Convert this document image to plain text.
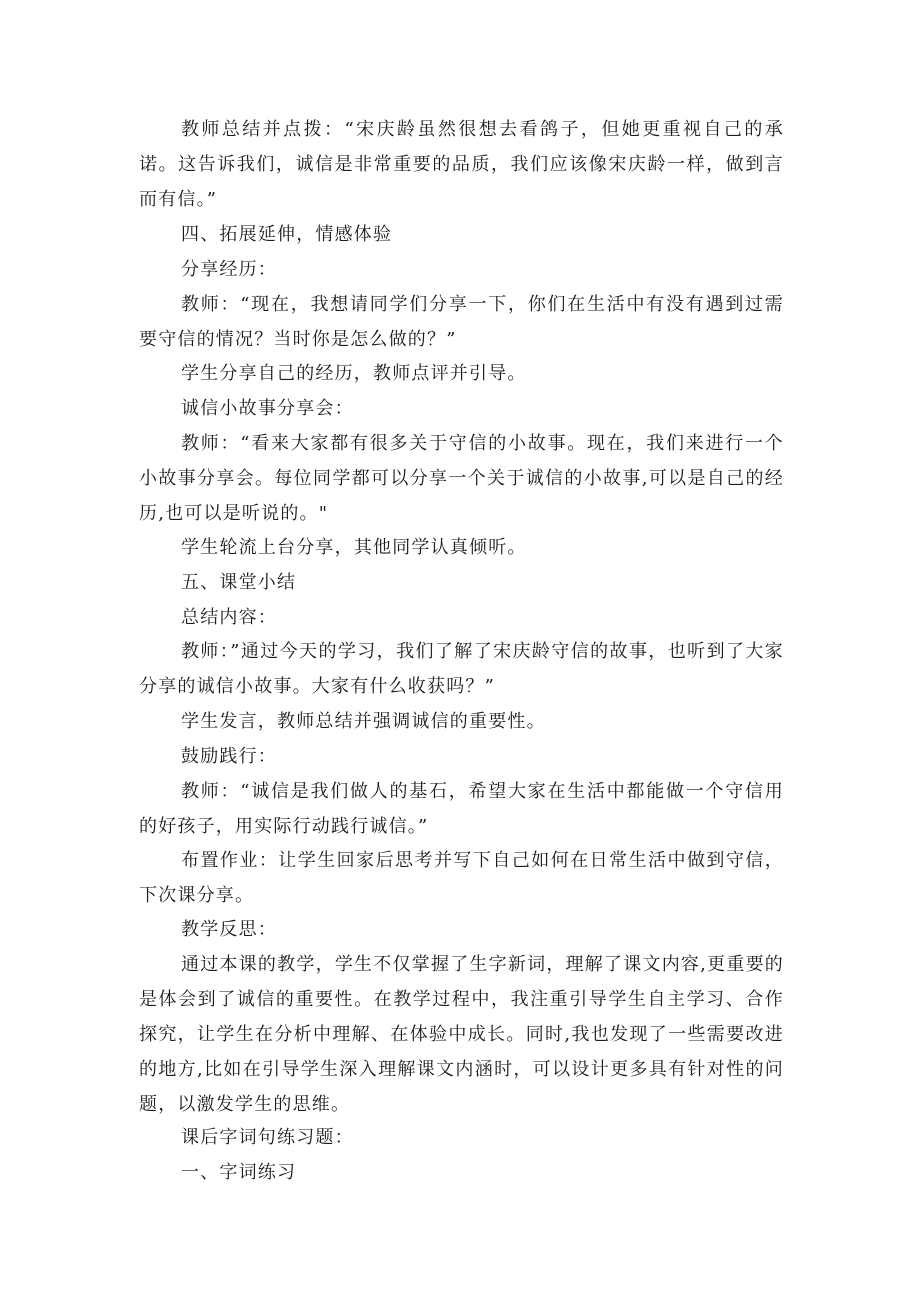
教师总结并点拨：“宋庆龄虽然很想去看鸽子，但她更重视自己的承诺。这告诉我们，诚信是非常重要的品质，我们应该像宋庆龄一样，做到言而有信。”

四、拓展延伸，情感体验

分享经历：

教师：“现在，我想请同学们分享一下，你们在生活中有没有遇到过需要守信的情况？当时你是怎么做的？”

学生分享自己的经历，教师点评并引导。

诚信小故事分享会：

教师：“看来大家都有很多关于守信的小故事。现在，我们来进行一个小故事分享会。每位同学都可以分享一个关于诚信的小故事,可以是自己的经历,也可以是听说的。"

学生轮流上台分享，其他同学认真倾听。

五、课堂小结

总结内容：

教师：”通过今天的学习，我们了解了宋庆龄守信的故事，也听到了大家分享的诚信小故事。大家有什么收获吗？”

学生发言，教师总结并强调诚信的重要性。

鼓励践行：

教师：“诚信是我们做人的基石，希望大家在生活中都能做一个守信用的好孩子，用实际行动践行诚信。”

布置作业：让学生回家后思考并写下自己如何在日常生活中做到守信，下次课分享。

教学反思：

通过本课的教学，学生不仅掌握了生字新词，理解了课文内容,更重要的是体会到了诚信的重要性。在教学过程中，我注重引导学生自主学习、合作探究，让学生在分析中理解、在体验中成长。同时,我也发现了一些需要改进的地方,比如在引导学生深入理解课文内涵时，可以设计更多具有针对性的问题，以激发学生的思维。

课后字词句练习题：

一、字词练习
